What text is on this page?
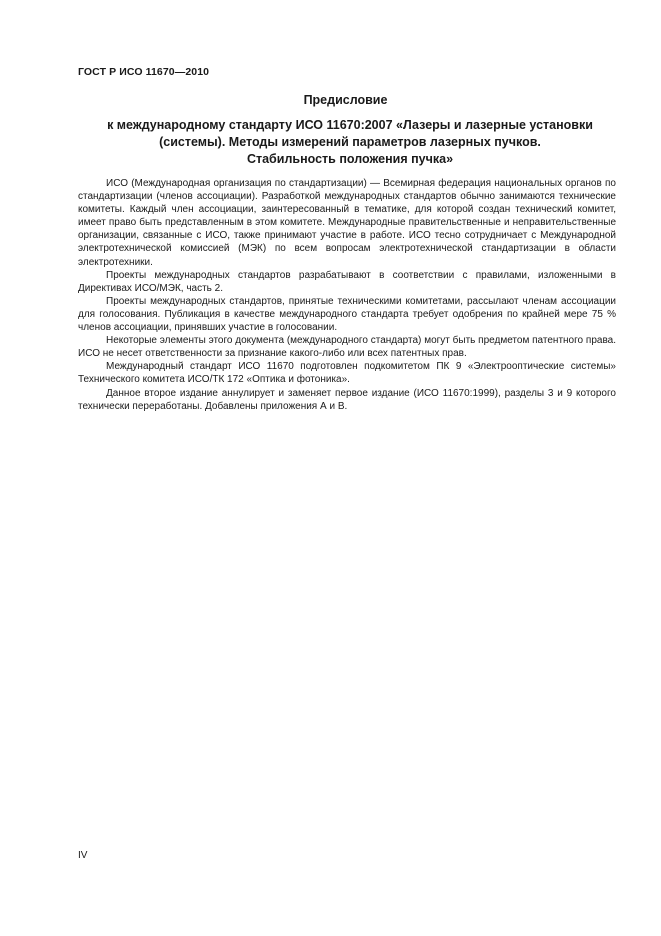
ГОСТ Р ИСО 11670—2010
Предисловие
к международному стандарту ИСО 11670:2007 «Лазеры и лазерные установки
(системы). Методы измерений параметров лазерных пучков.
Стабильность положения пучка»

ИСО (Международная организация по стандартизации) — Всемирная федерация национальных органов по стандартизации (членов ассоциации). Разработкой международных стандартов обычно занимаются технические комитеты. Каждый член ассоциации, заинтересованный в тематике, для которой создан технический комитет, имеет право быть представленным в этом комитете. Международные правительственные и неправительственные организации, связанные с ИСО, также принимают участие в работе. ИСО тесно сотрудничает с Международной электротехнической комиссией (МЭК) по всем вопросам электротехнической стандартизации в области электротехники.

Проекты международных стандартов разрабатывают в соответствии с правилами, изложенными в Директивах ИСО/МЭК, часть 2.

Проекты международных стандартов, принятые техническими комитетами, рассылают членам ассоциации для голосования. Публикация в качестве международного стандарта требует одобрения по крайней мере 75 % членов ассоциации, принявших участие в голосовании.

Некоторые элементы этого документа (международного стандарта) могут быть предметом патентного права. ИСО не несет ответственности за признание какого-либо или всех патентных прав.

Международный стандарт ИСО 11670 подготовлен подкомитетом ПК 9 «Электрооптические системы» Технического комитета ИСО/ТК 172 «Оптика и фотоника».

Данное второе издание аннулирует и заменяет первое издание (ИСО 11670:1999), разделы 3 и 9 которого технически переработаны. Добавлены приложения А и В.

IV
